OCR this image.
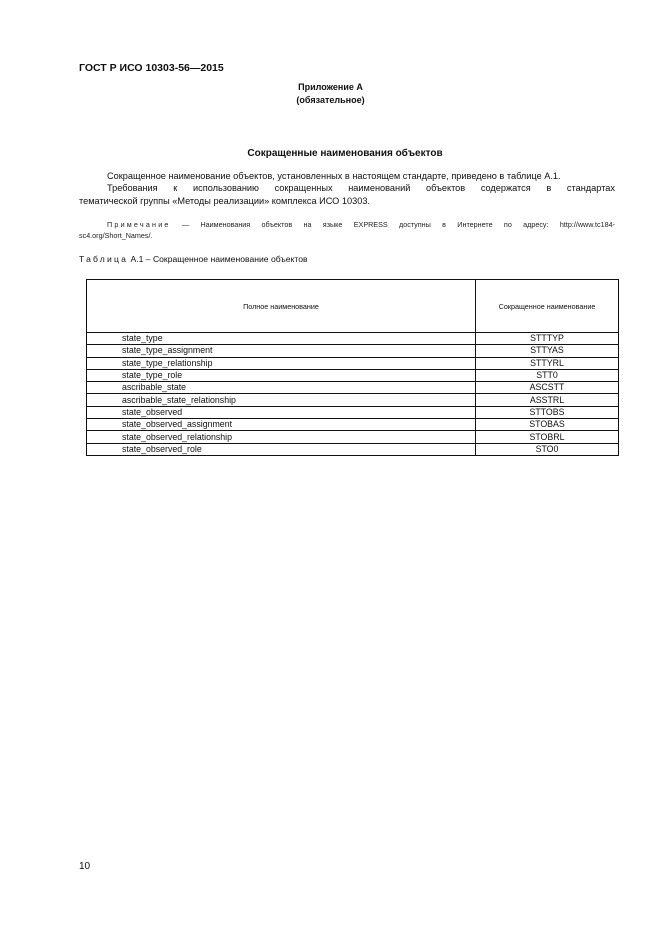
ГОСТ Р ИСО 10303-56—2015
Приложение А
(обязательное)
Сокращенные наименования объектов
Сокращенное наименование объектов, установленных в настоящем стандарте, приведено в таблице А.1.
Требования к использованию сокращенных наименований объектов содержатся в стандартах
тематической группы «Методы реализации» комплекса ИСО 10303.
Примечание — Наименования объектов на языке EXPRESS доступны в Интернете по адресу: http://www.tc184-
sc4.org/Short_Names/.
Таблица А.1 – Сокращенное наименование объектов
Полное наименование	Сокращенное наименование
state_type	STTTYP
state_type_assignment	STTYAS
state_type_relationship	STTYRL
state_type_role	STT0
ascribable_state	ASCSTT
ascribable_state_relationship	ASSTRL
state_observed	STTOBS
state_observed_assignment	STOBAS
state_observed_relationship	STOBRL
state_observed_role	STO0
10
